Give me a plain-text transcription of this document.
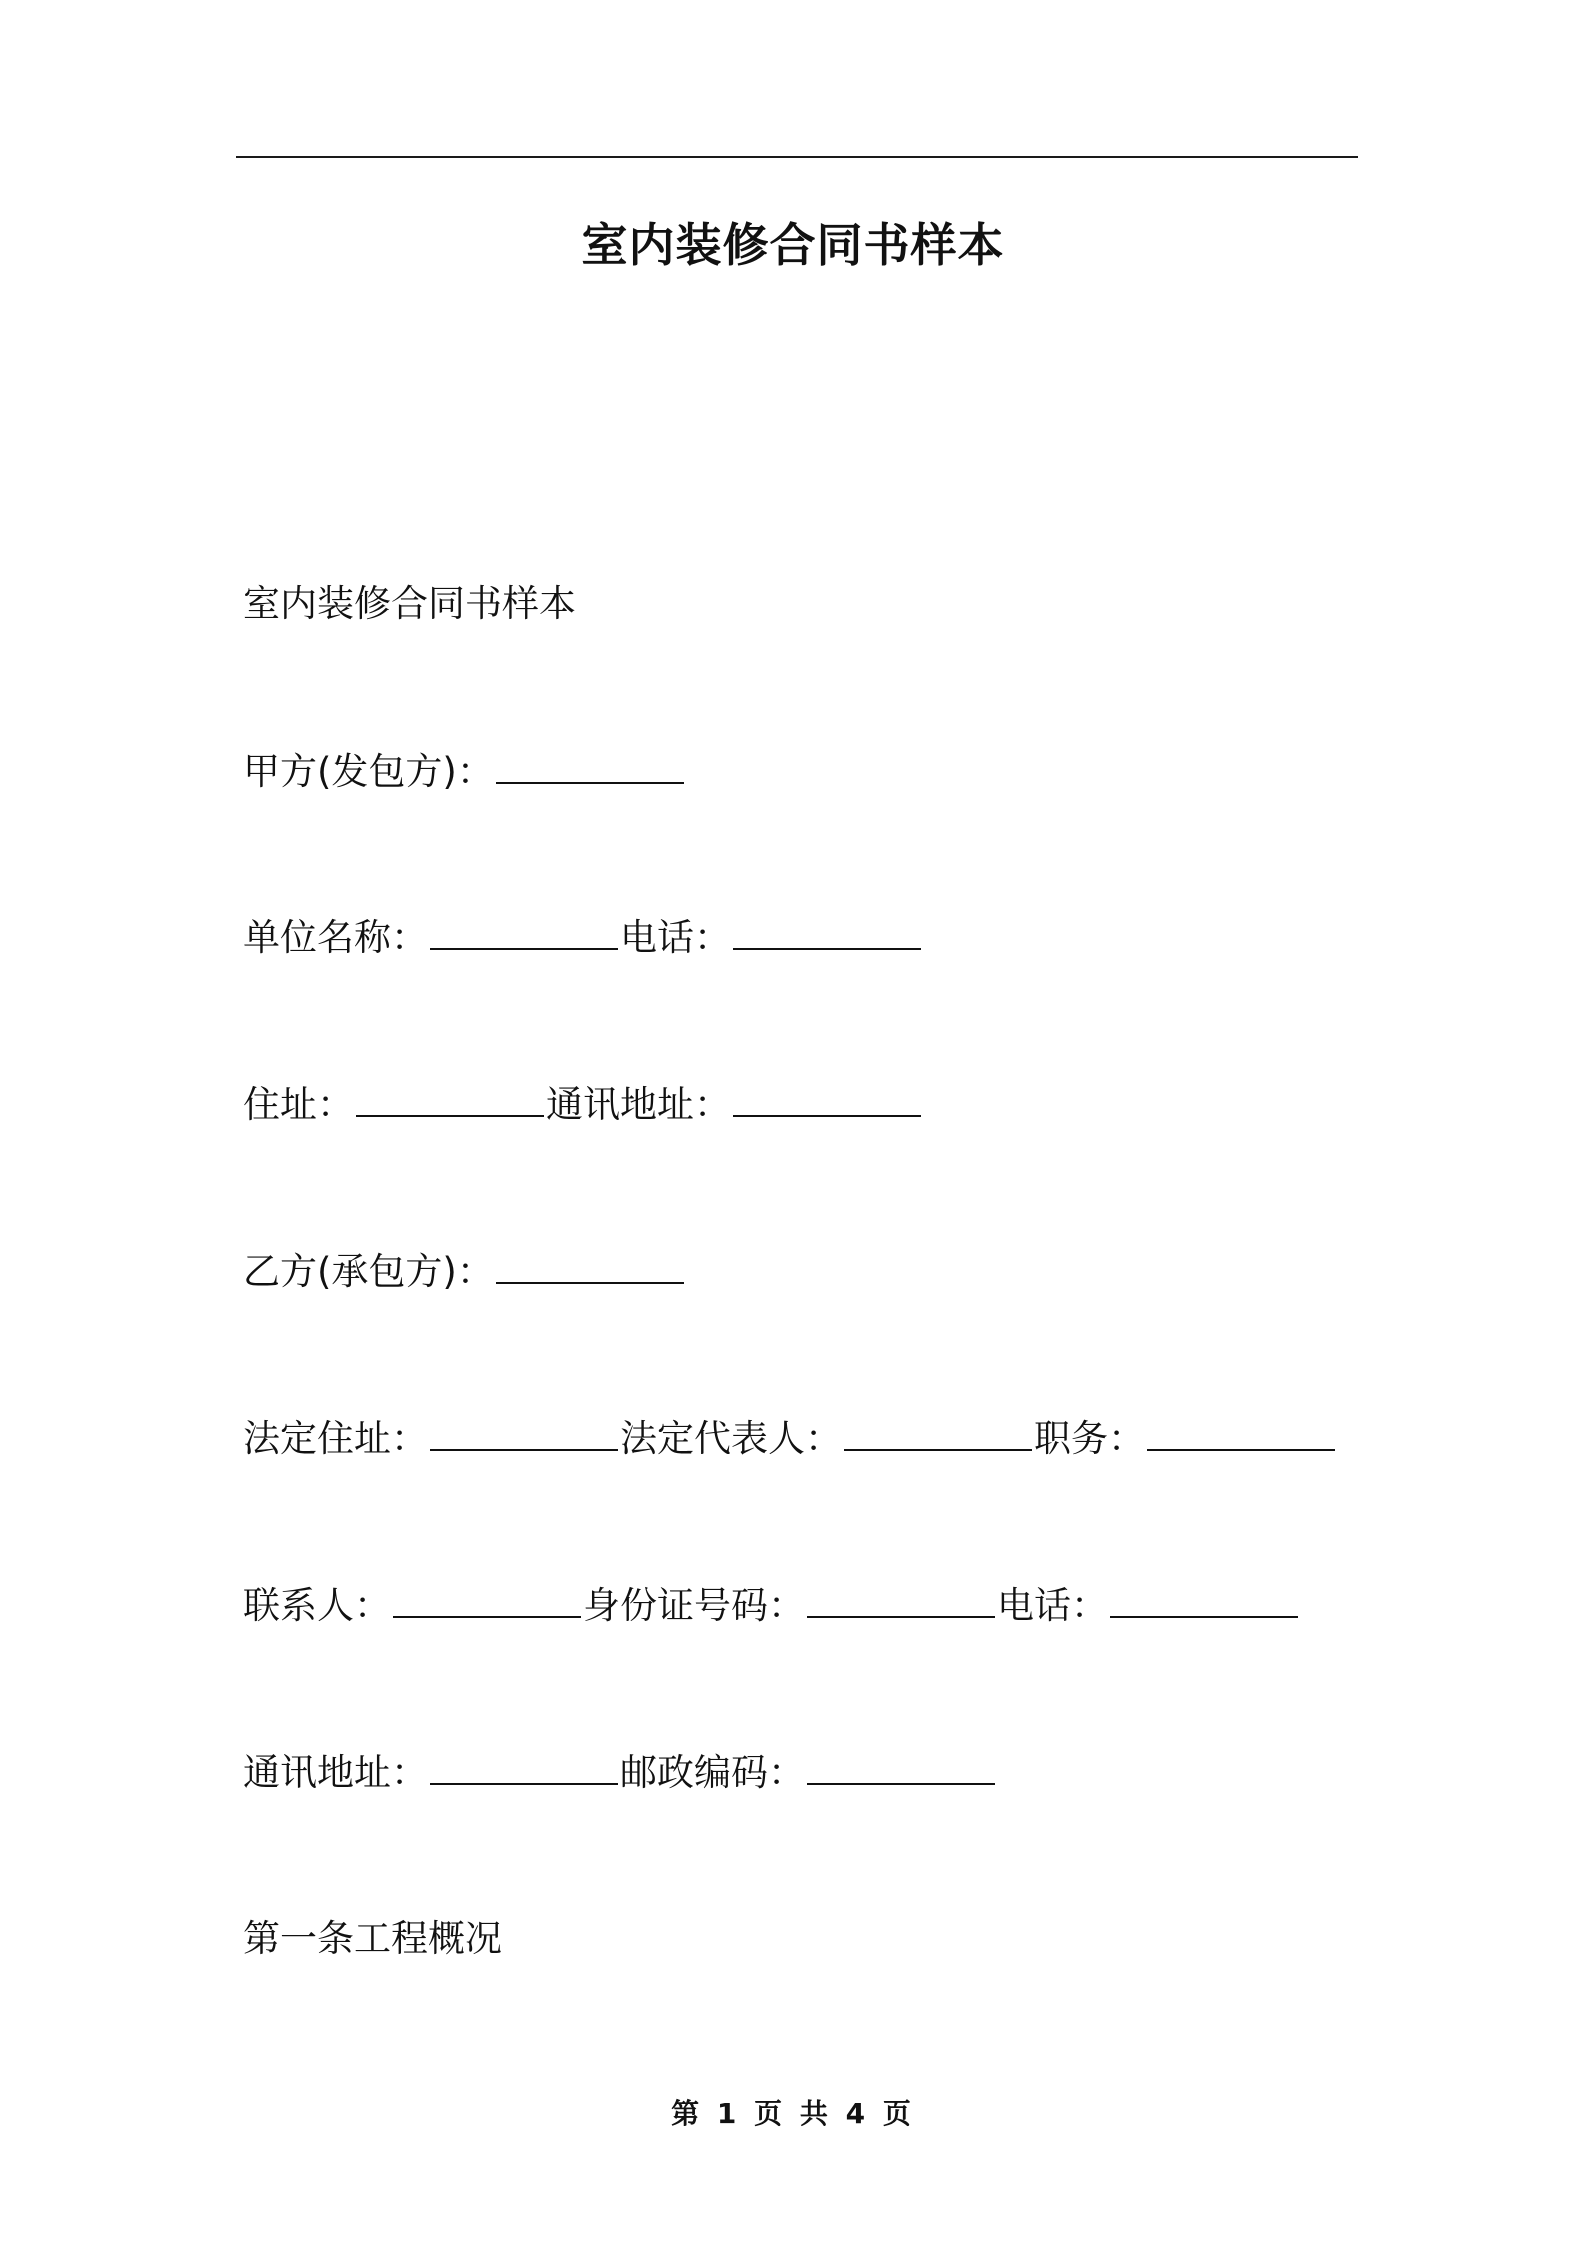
室内装修合同书样本
室内装修合同书样本
甲方(发包方)：
单位名称：	电话：
住址：	通讯地址：
乙方(承包方)：
法定住址：	法定代表人：	职务：
联系人：	身份证号码：	电话：
通讯地址：	邮政编码：
第一条工程概况
第 1 页 共 4 页
